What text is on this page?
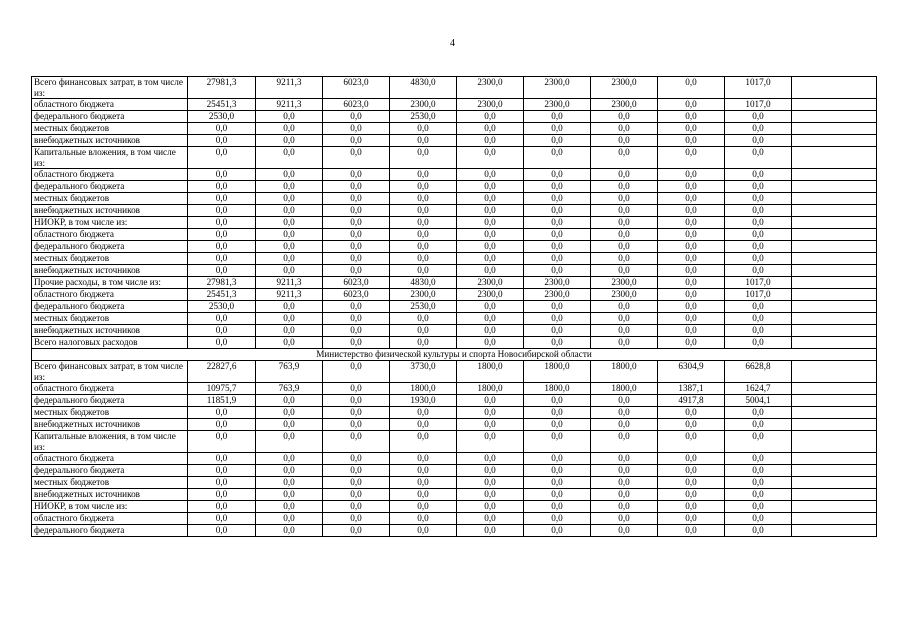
4
Всего финансовых затрат, в том числе из:	27981,3	9211,3	6023,0	4830,0	2300,0	2300,0	2300,0	0,0	1017,0	
областного бюджета	25451,3	9211,3	6023,0	2300,0	2300,0	2300,0	2300,0	0,0	1017,0	
федерального бюджета	2530,0	0,0	0,0	2530,0	0,0	0,0	0,0	0,0	0,0	
местных бюджетов	0,0	0,0	0,0	0,0	0,0	0,0	0,0	0,0	0,0	
внебюджетных источников	0,0	0,0	0,0	0,0	0,0	0,0	0,0	0,0	0,0	
Капитальные вложения, в том числе из:	0,0	0,0	0,0	0,0	0,0	0,0	0,0	0,0	0,0	
областного бюджета	0,0	0,0	0,0	0,0	0,0	0,0	0,0	0,0	0,0	
федерального бюджета	0,0	0,0	0,0	0,0	0,0	0,0	0,0	0,0	0,0	
местных бюджетов	0,0	0,0	0,0	0,0	0,0	0,0	0,0	0,0	0,0	
внебюджетных источников	0,0	0,0	0,0	0,0	0,0	0,0	0,0	0,0	0,0	
НИОКР, в том числе из:	0,0	0,0	0,0	0,0	0,0	0,0	0,0	0,0	0,0	
областного бюджета	0,0	0,0	0,0	0,0	0,0	0,0	0,0	0,0	0,0	
федерального бюджета	0,0	0,0	0,0	0,0	0,0	0,0	0,0	0,0	0,0	
местных бюджетов	0,0	0,0	0,0	0,0	0,0	0,0	0,0	0,0	0,0	
внебюджетных источников	0,0	0,0	0,0	0,0	0,0	0,0	0,0	0,0	0,0	
Прочие расходы, в том числе из:	27981,3	9211,3	6023,0	4830,0	2300,0	2300,0	2300,0	0,0	1017,0	
областного бюджета	25451,3	9211,3	6023,0	2300,0	2300,0	2300,0	2300,0	0,0	1017,0	
федерального бюджета	2530,0	0,0	0,0	2530,0	0,0	0,0	0,0	0,0	0,0	
местных бюджетов	0,0	0,0	0,0	0,0	0,0	0,0	0,0	0,0	0,0	
внебюджетных источников	0,0	0,0	0,0	0,0	0,0	0,0	0,0	0,0	0,0	
Всего налоговых расходов	0,0	0,0	0,0	0,0	0,0	0,0	0,0	0,0	0,0	
Министерство физической культуры и спорта Новосибирской области										
Всего финансовых затрат, в том числе из:	22827,6	763,9	0,0	3730,0	1800,0	1800,0	1800,0	6304,9	6628,8	
областного бюджета	10975,7	763,9	0,0	1800,0	1800,0	1800,0	1800,0	1387,1	1624,7	
федерального бюджета	11851,9	0,0	0,0	1930,0	0,0	0,0	0,0	4917,8	5004,1	
местных бюджетов	0,0	0,0	0,0	0,0	0,0	0,0	0,0	0,0	0,0	
внебюджетных источников	0,0	0,0	0,0	0,0	0,0	0,0	0,0	0,0	0,0	
Капитальные вложения, в том числе из:	0,0	0,0	0,0	0,0	0,0	0,0	0,0	0,0	0,0	
областного бюджета	0,0	0,0	0,0	0,0	0,0	0,0	0,0	0,0	0,0	
федерального бюджета	0,0	0,0	0,0	0,0	0,0	0,0	0,0	0,0	0,0	
местных бюджетов	0,0	0,0	0,0	0,0	0,0	0,0	0,0	0,0	0,0	
внебюджетных источников	0,0	0,0	0,0	0,0	0,0	0,0	0,0	0,0	0,0	
НИОКР, в том числе из:	0,0	0,0	0,0	0,0	0,0	0,0	0,0	0,0	0,0	
областного бюджета	0,0	0,0	0,0	0,0	0,0	0,0	0,0	0,0	0,0	
федерального бюджета	0,0	0,0	0,0	0,0	0,0	0,0	0,0	0,0	0,0	
